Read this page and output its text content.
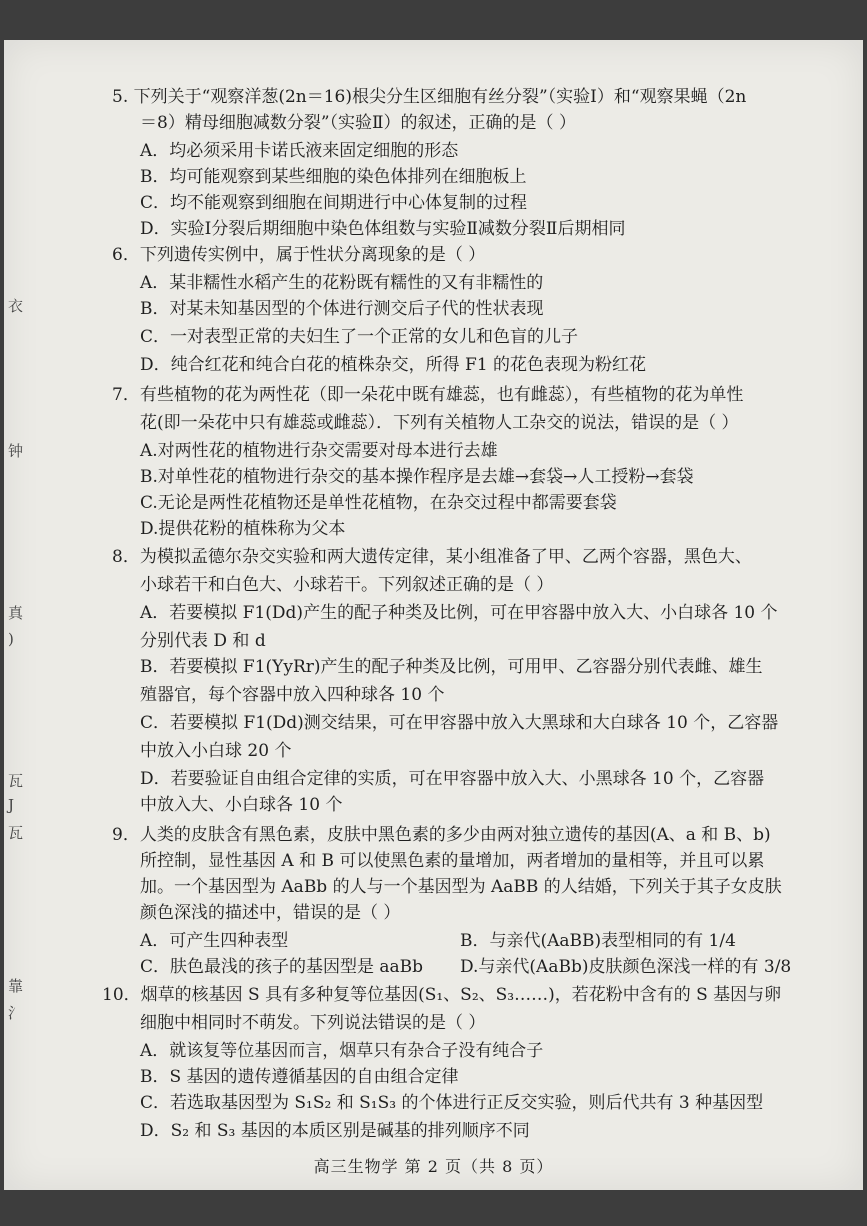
衣
钟
真
)
瓦
J
瓦
靠
氵
5. 下列关于“观察洋葱(2n＝16)根尖分生区细胞有丝分裂”（实验Ⅰ）和“观察果蝇（2n
＝8）精母细胞减数分裂”（实验Ⅱ）的叙述，正确的是（ ）
A．均必须采用卡诺氏液来固定细胞的形态
B．均可能观察到某些细胞的染色体排列在细胞板上
C．均不能观察到细胞在间期进行中心体复制的过程
D．实验Ⅰ分裂后期细胞中染色体组数与实验Ⅱ减数分裂Ⅱ后期相同
6．下列遗传实例中，属于性状分离现象的是（ ）
A．某非糯性水稻产生的花粉既有糯性的又有非糯性的
B．对某未知基因型的个体进行测交后子代的性状表现
C．一对表型正常的夫妇生了一个正常的女儿和色盲的儿子
D．纯合红花和纯合白花的植株杂交，所得 F1 的花色表现为粉红花
7．有些植物的花为两性花（即一朵花中既有雄蕊，也有雌蕊），有些植物的花为单性
花(即一朵花中只有雄蕊或雌蕊）．下列有关植物人工杂交的说法，错误的是（ ）
A.对两性花的植物进行杂交需要对母本进行去雄
B.对单性花的植物进行杂交的基本操作程序是去雄→套袋→人工授粉→套袋
C.无论是两性花植物还是单性花植物，在杂交过程中都需要套袋
D.提供花粉的植株称为父本
8．为模拟孟德尔杂交实验和两大遗传定律，某小组准备了甲、乙两个容器，黑色大、
小球若干和白色大、小球若干。下列叙述正确的是（ ）
A．若要模拟 F1(Dd)产生的配子种类及比例，可在甲容器中放入大、小白球各 10 个
分别代表 D 和 d
B．若要模拟 F1(YyRr)产生的配子种类及比例，可用甲、乙容器分别代表雌、雄生
殖器官，每个容器中放入四种球各 10 个
C．若要模拟 F1(Dd)测交结果，可在甲容器中放入大黑球和大白球各 10 个，乙容器
中放入小白球 20 个
D．若要验证自由组合定律的实质，可在甲容器中放入大、小黑球各 10 个，乙容器
中放入大、小白球各 10 个
9．人类的皮肤含有黑色素，皮肤中黑色素的多少由两对独立遗传的基因(A、a 和 B、b)
所控制，显性基因 A 和 B 可以使黑色素的量增加，两者增加的量相等，并且可以累
加。一个基因型为 AaBb 的人与一个基因型为 AaBB 的人结婚，下列关于其子女皮肤
颜色深浅的描述中，错误的是（ ）
A．可产生四种表型	B．与亲代(AaBB)表型相同的有 1/4
C．肤色最浅的孩子的基因型是 aaBb D.与亲代(AaBb)皮肤颜色深浅一样的有 3/8
10．烟草的核基因 S 具有多种复等位基因(S₁、S₂、S₃……)，若花粉中含有的 S 基因与卵
细胞中相同时不萌发。下列说法错误的是（ ）
A．就该复等位基因而言，烟草只有杂合子没有纯合子
B．S 基因的遗传遵循基因的自由组合定律
C．若选取基因型为 S₁S₂ 和 S₁S₃ 的个体进行正反交实验，则后代共有 3 种基因型
D．S₂ 和 S₃ 基因的本质区别是碱基的排列顺序不同
高三生物学 第 2 页（共 8 页）
